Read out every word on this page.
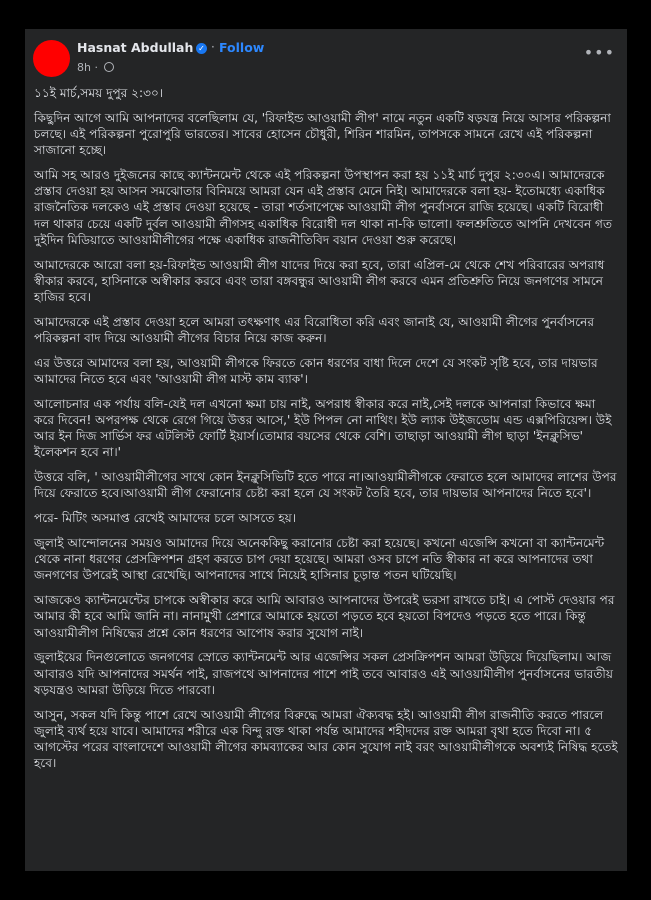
Hasnat Abdullah ✓ · Follow
8h ·
•••

১১ই মার্চ,সময় দুপুর ২:৩০।

কিছুদিন আগে আমি আপনাদের বলেছিলাম যে, 'রিফাইন্ড আওয়ামী লীগ' নামে নতুন একটি ষড়যন্ত্র নিয়ে আসার পরিকল্পনা চলছে। এই পরিকল্পনা পুরোপুরি ভারতের। সাবের হোসেন চৌধুরী, শিরিন শারমিন, তাপসকে সামনে রেখে এই পরিকল্পনা সাজানো হচ্ছে।

আমি সহ আরও দুইজনের কাছে ক্যান্টনমেন্ট থেকে এই পরিকল্পনা উপস্থাপন করা হয় ১১ই মার্চ দুপুর ২:৩০এ। আমাদেরকে প্রস্তাব দেওয়া হয় আসন সমঝোতার বিনিময়ে আমরা যেন এই প্রস্তাব মেনে নিই। আমাদেরকে বলা হয়- ইতোমধ্যে একাধিক রাজনৈতিক দলকেও এই প্রস্তাব দেওয়া হয়েছে - তারা শর্তসাপেক্ষে আওয়ামী লীগ পুনর্বাসনে রাজি হয়েছে। একটি বিরোধী দল থাকার চেয়ে একটি দুর্বল আওয়ামী লীগসহ একাধিক বিরোধী দল থাকা না-কি ভালো। ফলশ্রুতিতে আপনি দেখবেন গত দুইদিন মিডিয়াতে আওয়ামীলীগের পক্ষে একাধিক রাজনীতিবিদ বয়ান দেওয়া শুরু করেছে।

আমাদেরকে আরো বলা হয়-রিফাইন্ড আওয়ামী লীগ যাদের দিয়ে করা হবে, তারা এপ্রিল-মে থেকে শেখ পরিবারের অপরাধ স্বীকার করবে, হাসিনাকে অস্বীকার করবে এবং তারা বঙ্গবন্ধুর আওয়ামী লীগ করবে এমন প্রতিশ্রুতি নিয়ে জনগণের সামনে হাজির হবে।

আমাদেরকে এই প্রস্তাব দেওয়া হলে আমরা তৎক্ষণাৎ এর বিরোধিতা করি এবং জানাই যে, আওয়ামী লীগের পুনর্বাসনের পরিকল্পনা বাদ দিয়ে আওয়ামী লীগের বিচার নিয়ে কাজ করুন।

এর উত্তরে আমাদের বলা হয়, আওয়ামী লীগকে ফিরতে কোন ধরণের বাধা দিলে দেশে যে সংকট সৃষ্টি হবে, তার দায়ভার আমাদের নিতে হবে এবং 'আওয়ামী লীগ মাস্ট কাম ব্যাক'।

আলোচনার এক পর্যায় বলি-যেই দল এখনো ক্ষমা চায় নাই, অপরাধ স্বীকার করে নাই,সেই দলকে আপনারা কিভাবে ক্ষমা করে দিবেন! অপরপক্ষ থেকে রেগে গিয়ে উত্তর আসে,' ইউ পিপল নো নাথিং। ইউ ল্যাক উইজডোম এন্ড এক্সপিরিয়েন্স। উই আর ইন দিজ সার্ভিস ফর এটলিস্ট ফোর্টি ইয়ার্স।তোমার বয়সের থেকে বেশি। তাছাড়া আওয়ামী লীগ ছাড়া 'ইনক্লুসিভ' ইলেকশন হবে না।'

উত্তরে বলি, ' আওয়ামীলীগের সাথে কোন ইনক্লুসিভিটি হতে পারে না।আওয়ামীলীগকে ফেরাতে হলে আমাদের লাশের উপর দিয়ে ফেরাতে হবে।আওয়ামী লীগ ফেরানোর চেষ্টা করা হলে যে সংকট তৈরি হবে, তার দায়ভার আপনাদের নিতে হবে'।

পরে- মিটিং অসমাপ্ত রেখেই আমাদের চলে আসতে হয়।

জুলাই আন্দোলনের সময়ও আমাদের দিয়ে অনেককিছু করানোর চেষ্টা করা হয়েছে। কখনো এজেন্সি কখনো বা ক্যান্টনমেন্ট থেকে নানা ধরণের প্রেসক্রিপশন গ্রহণ করতে চাপ দেয়া হয়েছে। আমরা ওসব চাপে নতি স্বীকার না করে আপনাদের তথা জনগণের উপরেই আস্থা রেখেছি। আপনাদের সাথে নিয়েই হাসিনার চূড়ান্ত পতন ঘটিয়েছি।

আজকেও ক্যান্টনমেন্টের চাপকে অস্বীকার করে আমি আবারও আপনাদের উপরেই ভরসা রাখতে চাই। এ পোস্ট দেওয়ার পর আমার কী হবে আমি জানি না। নানামুখী প্রেশারে আমাকে হয়তো পড়তে হবে হয়তো বিপদেও পড়তে হতে পারে। কিন্তু আওয়ামীলীগ নিষিদ্ধের প্রশ্নে কোন ধরণের আপোষ করার সুযোগ নাই।

জুলাইয়ের দিনগুলোতে জনগণের স্রোতে ক্যান্টনমেন্ট আর এজেন্সির সকল প্রেসক্রিপশন আমরা উড়িয়ে দিয়েছিলাম। আজ আবারও যদি আপনাদের সমর্থন পাই, রাজপথে আপনাদের পাশে পাই তবে আবারও এই আওয়ামীলীগ পুনর্বাসনের ভারতীয় ষড়যন্ত্রও আমরা উড়িয়ে দিতে পারবো।

আসুন, সকল যদি কিন্তু পাশে রেখে আওয়ামী লীগের বিরুদ্ধে আমরা ঐক্যবদ্ধ হই। আওয়ামী লীগ রাজনীতি করতে পারলে জুলাই ব্যর্থ হয়ে যাবে। আমাদের শরীরে এক বিন্দু রক্ত থাকা পর্যন্ত আমাদের শহীদদের রক্ত আমরা বৃথা হতে দিবো না। ৫ আগস্টের পরের বাংলাদেশে আওয়ামী লীগের কামব্যাকের আর কোন সুযোগ নাই বরং আওয়ামীলীগকে অবশ্যই নিষিদ্ধ হতেই হবে।
